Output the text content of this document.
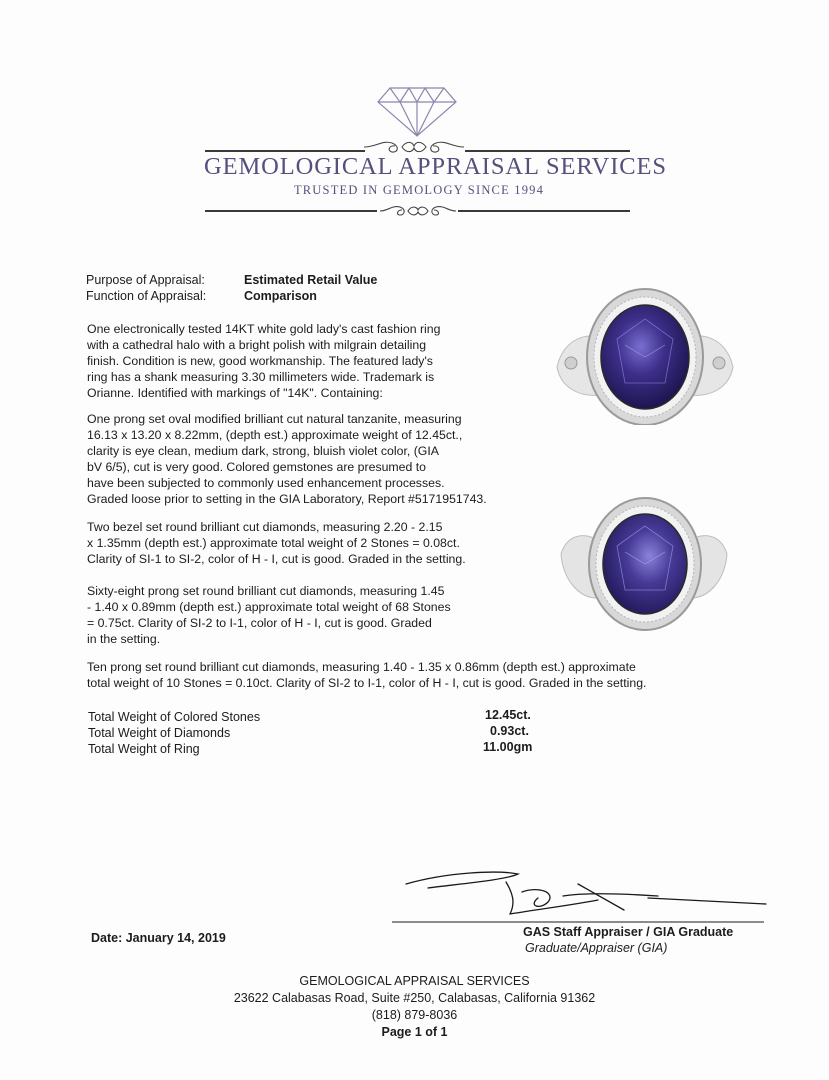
GEMOLOGICAL APPRAISAL SERVICES
TRUSTED IN GEMOLOGY SINCE 1994
Purpose of Appraisal:	Estimated Retail Value
Function of Appraisal:	Comparison
One electronically tested 14KT white gold lady's cast fashion ring
with a cathedral halo with a bright polish with milgrain detailing
finish. Condition is new, good workmanship. The featured lady's
ring has a shank measuring 3.30 millimeters wide. Trademark is
Orianne. Identified with markings of "14K". Containing:
One prong set oval modified brilliant cut natural tanzanite, measuring
16.13 x 13.20 x 8.22mm, (depth est.) approximate weight of 12.45ct.,
clarity is eye clean, medium dark, strong, bluish violet color, (GIA
bV 6/5), cut is very good. Colored gemstones are presumed to
have been subjected to commonly used enhancement processes.
Graded loose prior to setting in the GIA Laboratory, Report #5171951743.
Two bezel set round brilliant cut diamonds, measuring 2.20 - 2.15
x 1.35mm (depth est.) approximate total weight of 2 Stones = 0.08ct.
Clarity of SI-1 to SI-2, color of H - I, cut is good. Graded in the setting.
Sixty-eight prong set round brilliant cut diamonds, measuring 1.45
- 1.40 x 0.89mm (depth est.) approximate total weight of 68 Stones
= 0.75ct. Clarity of SI-2 to I-1, color of H - I, cut is good. Graded
in the setting.
Ten prong set round brilliant cut diamonds, measuring 1.40 - 1.35 x 0.86mm (depth est.) approximate
total weight of 10 Stones = 0.10ct. Clarity of SI-2 to I-1, color of H - I, cut is good. Graded in the setting.
Total Weight of Colored Stones	12.45ct.
Total Weight of Diamonds	0.93ct.
Total Weight of Ring	11.00gm
Date: January 14, 2019	GAS Staff Appraiser / GIA Graduate
Graduate/Appraiser (GIA)
GEMOLOGICAL APPRAISAL SERVICES
23622 Calabasas Road, Suite #250, Calabasas, California 91362
(818) 879-8036
Page 1 of 1
